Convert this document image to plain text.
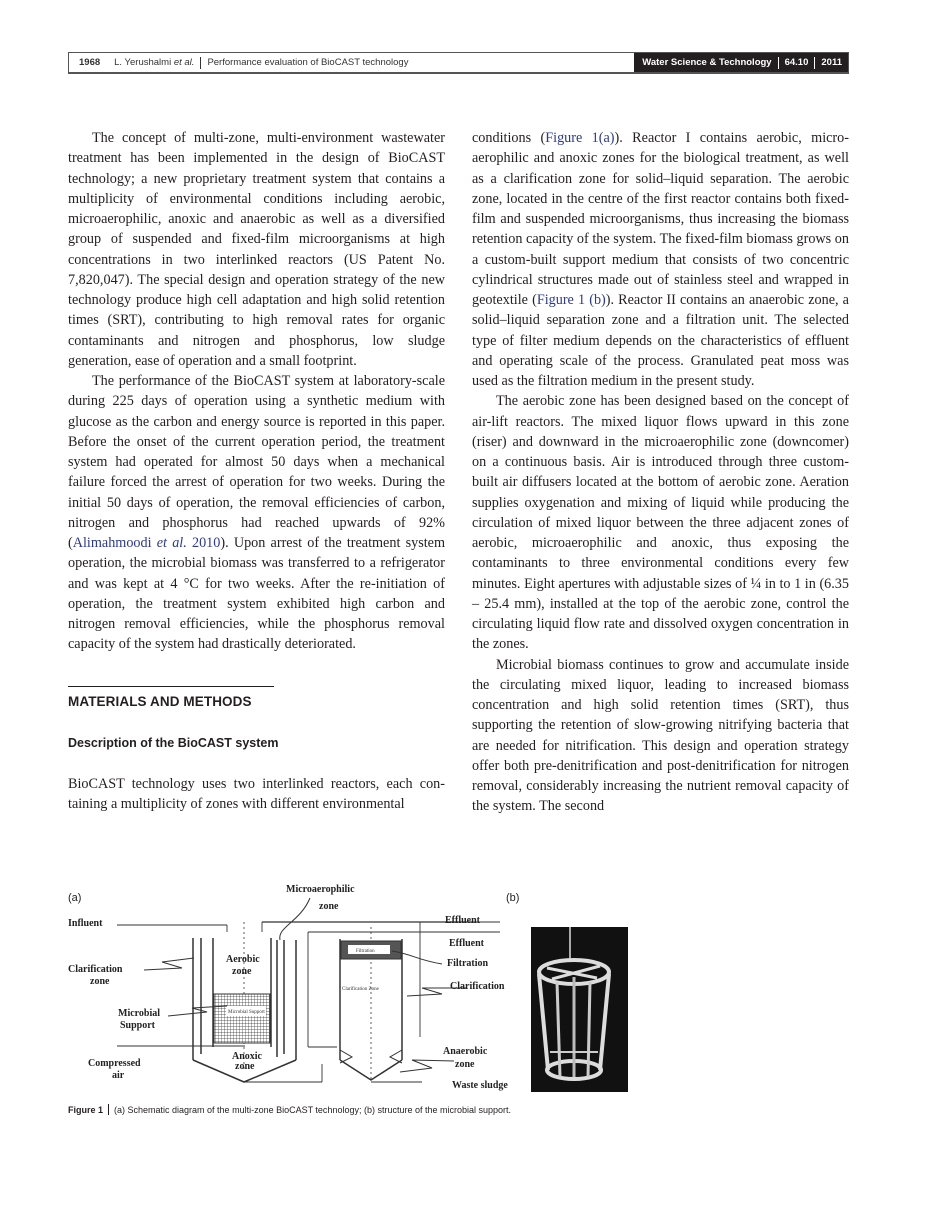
1968 L. Yerushalmi et al. Performance evaluation of BioCAST technology	Water Science & Technology 64.10 2011

The concept of multi-zone, multi-environment wastewater treatment has been implemented in the design of BioCAST technology; a new proprietary treatment system that contains a multiplicity of environmental conditions including aerobic, microaerophilic, anoxic and anaerobic as well as a diversified group of suspended and fixed-film microorganisms at high concentrations in two interlinked reactors (US Patent No. 7,820,047). The special design and operation strategy of the new technology produce high cell adaptation and high solid retention times (SRT), contributing to high removal rates for organic contaminants and nitrogen and phosphorus, low sludge generation, ease of operation and a small footprint.

The performance of the BioCAST system at laboratory-scale during 225 days of operation using a synthetic medium with glucose as the carbon and energy source is reported in this paper. Before the onset of the current operation period, the treatment system had operated for almost 50 days when a mechanical failure forced the arrest of operation for two weeks. During the initial 50 days of operation, the removal efficiencies of carbon, nitrogen and phosphorus had reached upwards of 92% (Alimahmoodi et al. 2010). Upon arrest of the treatment system operation, the microbial biomass was transferred to a refrigerator and was kept at 4 °C for two weeks. After the re-initiation of operation, the treatment system exhibited high carbon and nitrogen removal efficiencies, while the phosphorus removal capacity of the system had drastically deteriorated.

MATERIALS AND METHODS
Description of the BioCAST system

BioCAST technology uses two interlinked reactors, each containing a multiplicity of zones with different environmental

conditions (Figure 1(a)). Reactor I contains aerobic, microaerophilic and anoxic zones for the biological treatment, as well as a clarification zone for solid–liquid separation. The aerobic zone, located in the centre of the first reactor contains both fixed-film and suspended microorganisms, thus increasing the biomass retention capacity of the system. The fixed-film biomass grows on a custom-built support medium that consists of two concentric cylindrical structures made out of stainless steel and wrapped in geotextile (Figure 1 (b)). Reactor II contains an anaerobic zone, a solid–liquid separation zone and a filtration unit. The selected type of filter medium depends on the characteristics of effluent and operating scale of the process. Granulated peat moss was used as the filtration medium in the present study.

The aerobic zone has been designed based on the concept of air-lift reactors. The mixed liquor flows upward in this zone (riser) and downward in the microaerophilic zone (downcomer) on a continuous basis. Air is introduced through three custom-built air diffusers located at the bottom of aerobic zone. Aeration supplies oxygenation and mixing of liquid while producing the circulation of mixed liquor between the three adjacent zones of aerobic, microaerophilic and anoxic, thus exposing the contaminants to three environmental conditions every few minutes. Eight apertures with adjustable sizes of ¼ in to 1 in (6.35 – 25.4 mm), installed at the top of the aerobic zone, control the circulating liquid flow rate and dissolved oxygen concentration in the zones.

Microbial biomass continues to grow and accumulate inside the circulating mixed liquor, leading to increased biomass concentration and high solid retention times (SRT), thus supporting the retention of slow-growing nitrifying bacteria that are needed for nitrification. This design and operation strategy offer both pre-denitrification and post-denitrification for nitrogen removal, considerably increasing the nutrient removal capacity of the system. The second

(a)	(b)
Microbial Support
Filtration
Clarification Zone
Microaerophilic
zone
Influent
Clarification
zone
Aerobic
zone
Microbial
Support
Compressed
air
Anoxic
zone
Effluent
Effluent
Filtration
Clarification
Anaerobic
zone
Waste sludge
Figure 1 (a) Schematic diagram of the multi-zone BioCAST technology; (b) structure of the microbial support.
